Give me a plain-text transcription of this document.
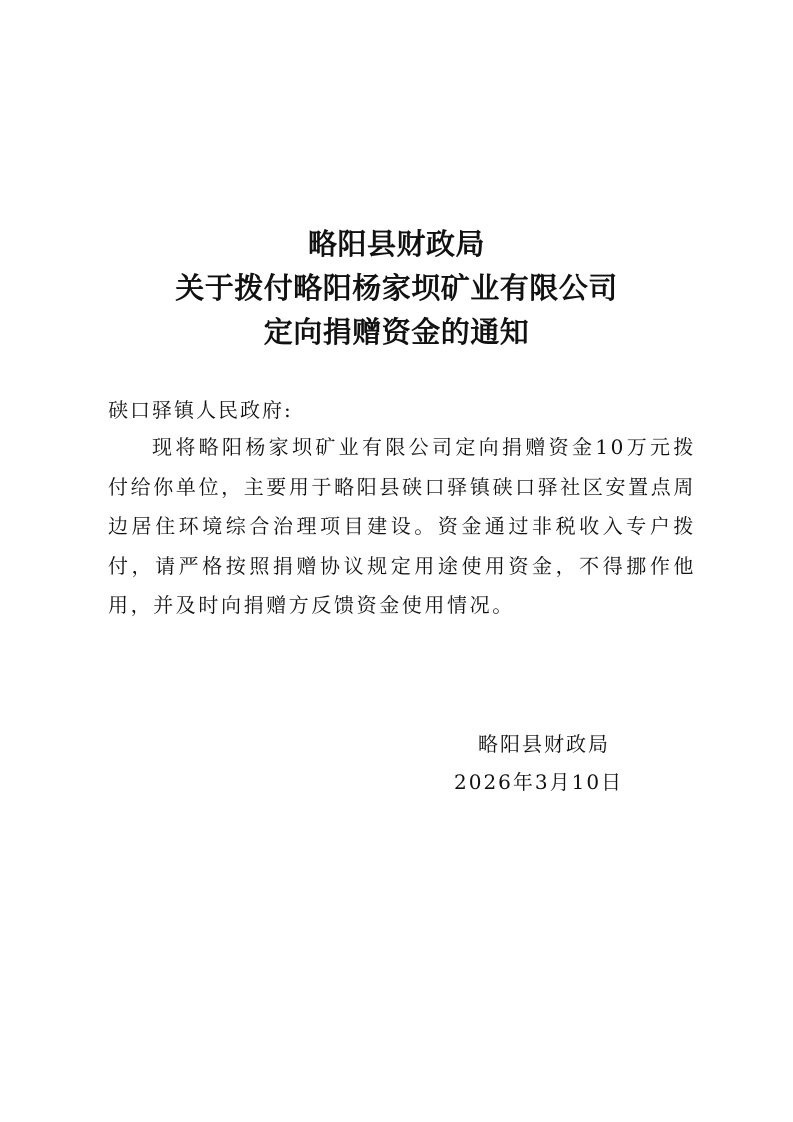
略阳县财政局
关于拨付略阳杨家坝矿业有限公司
定向捐赠资金的通知
硖口驿镇人民政府:
现将略阳杨家坝矿业有限公司定向捐赠资金10万元拨付给你单位，主要用于略阳县硖口驿镇硖口驿社区安置点周边居住环境综合治理项目建设。资金通过非税收入专户拨付，请严格按照捐赠协议规定用途使用资金，不得挪作他用，并及时向捐赠方反馈资金使用情况。
略阳县财政局
2026年3月10日
